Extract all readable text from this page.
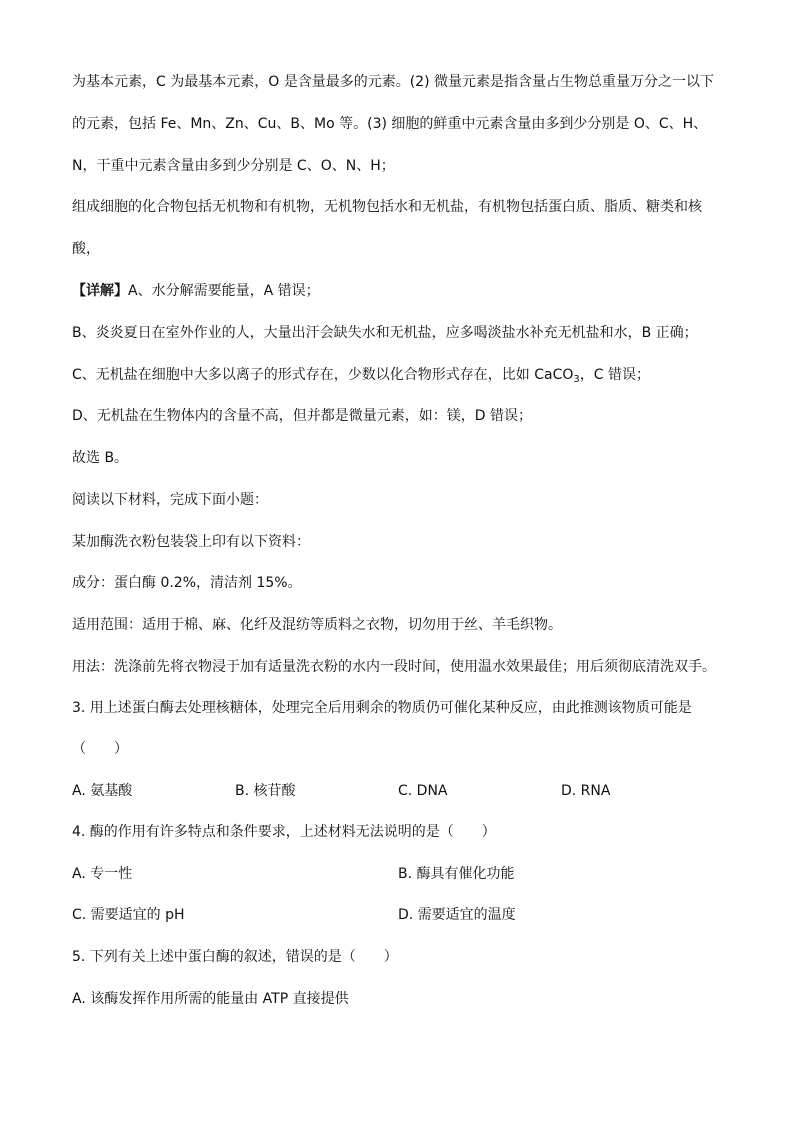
为基本元素，C 为最基本元素，O 是含量最多的元素。(2) 微量元素是指含量占生物总重量万分之一以下
的元素，包括 Fe、Mn、Zn、Cu、B、Mo 等。(3) 细胞的鲜重中元素含量由多到少分别是 O、C、H、
N，干重中元素含量由多到少分别是 C、O、N、H；
组成细胞的化合物包括无机物和有机物，无机物包括水和无机盐，有机物包括蛋白质、脂质、糖类和核
酸，
【详解】A、水分解需要能量，A 错误；
B、炎炎夏日在室外作业的人，大量出汗会缺失水和无机盐，应多喝淡盐水补充无机盐和水，B 正确；
C、无机盐在细胞中大多以离子的形式存在，少数以化合物形式存在，比如 CaCO$_3$，C 错误；
D、无机盐在生物体内的含量不高，但并都是微量元素，如：镁，D 错误；
故选 B。
阅读以下材料，完成下面小题：
某加酶洗衣粉包装袋上印有以下资料：
成分：蛋白酶 0.2%，清洁剂 15%。
适用范围：适用于棉、麻、化纤及混纺等质料之衣物，切勿用于丝、羊毛织物。
用法：洗涤前先将衣物浸于加有适量洗衣粉的水内一段时间，使用温水效果最佳；用后须彻底清洗双手。
3. 用上述蛋白酶去处理核糖体，处理完全后用剩余的物质仍可催化某种反应，由此推测该物质可能是
（　　）
A. 氨基酸	B. 核苷酸	C. DNA	D. RNA
4. 酶的作用有许多特点和条件要求，上述材料无法说明的是（　　）
A. 专一性	B. 酶具有催化功能
C. 需要适宜的 pH	D. 需要适宜的温度
5. 下列有关上述中蛋白酶的叙述，错误的是（　　）
A. 该酶发挥作用所需的能量由 ATP 直接提供
